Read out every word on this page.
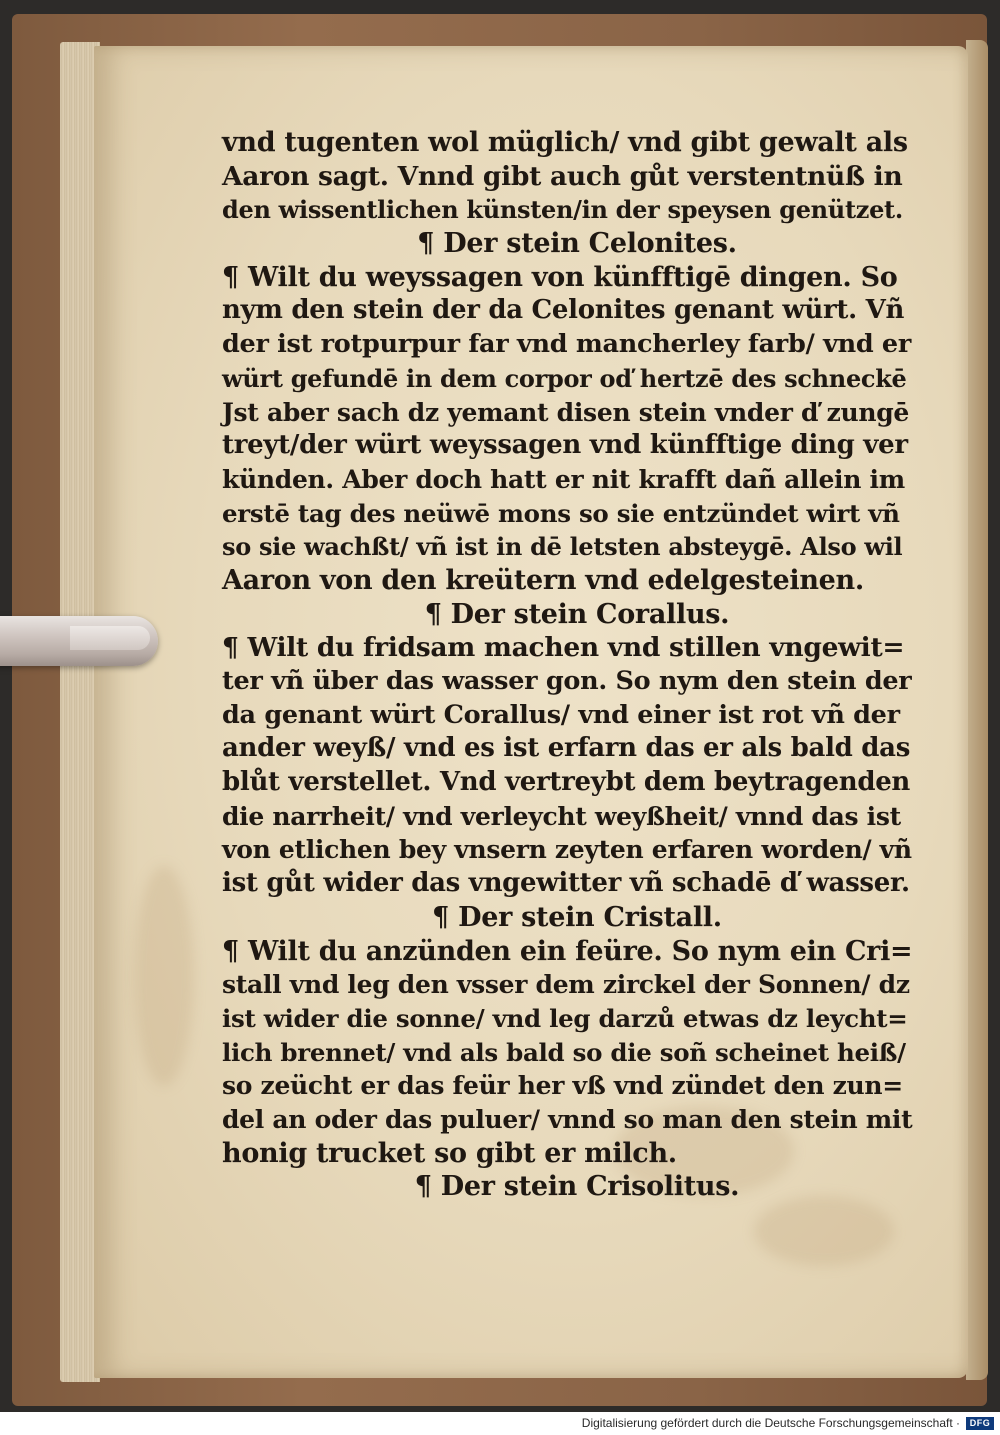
vnd tugenten wol müglich/ vnd gibt gewalt als
Aaron sagt. Vnnd gibt auch gůt verstentnüß in
den wissentlichen künsten/in der speysen genützet.
¶ Der stein Celonites.
¶ Wilt du weyssagen von künfftigē dingen. So
nym den stein der da Celonites genant würt. Vñ
der ist rotpurpur far vnd mancherley farb/ vnd er
würt gefundē in dem corpor oď hertzē des schneckē
Jst aber sach dz yemant disen stein vnder ď zungē
treyt/der würt weyssagen vnd künfftige ding ver
künden. Aber doch hatt er nit krafft dañ allein im
erstē tag des neüwē mons so sie entzündet wirt vñ
so sie wachßt/ vñ ist in dē letsten absteygē. Also wil
Aaron von den kreütern vnd edelgesteinen.
¶ Der stein Corallus.
¶ Wilt du fridsam machen vnd stillen vngewit=
ter vñ über das wasser gon. So nym den stein der
da genant würt Corallus/ vnd einer ist rot vñ der
ander weyß/ vnd es ist erfarn das er als bald das
blůt verstellet. Vnd vertreybt dem beytragenden
die narrheit/ vnd verleycht weyßheit/ vnnd das ist
von etlichen bey vnsern zeyten erfaren worden/ vñ
ist gůt wider das vngewitter vñ schadē ď wasser.
¶ Der stein Cristall.
¶ Wilt du anzünden ein feüre. So nym ein Cri=
stall vnd leg den vsser dem zirckel der Sonnen/ dz
ist wider die sonne/ vnd leg darzů etwas dz leycht=
lich brennet/ vnd als bald so die soñ scheinet heiß/
so zeücht er das feür her vß vnd zündet den zun=
del an oder das puluer/ vnnd so man den stein mit
honig trucket so gibt er milch.
¶ Der stein Crisolitus.
Digitalisierung gefördert durch die Deutsche Forschungsgemeinschaft ·	DFG
